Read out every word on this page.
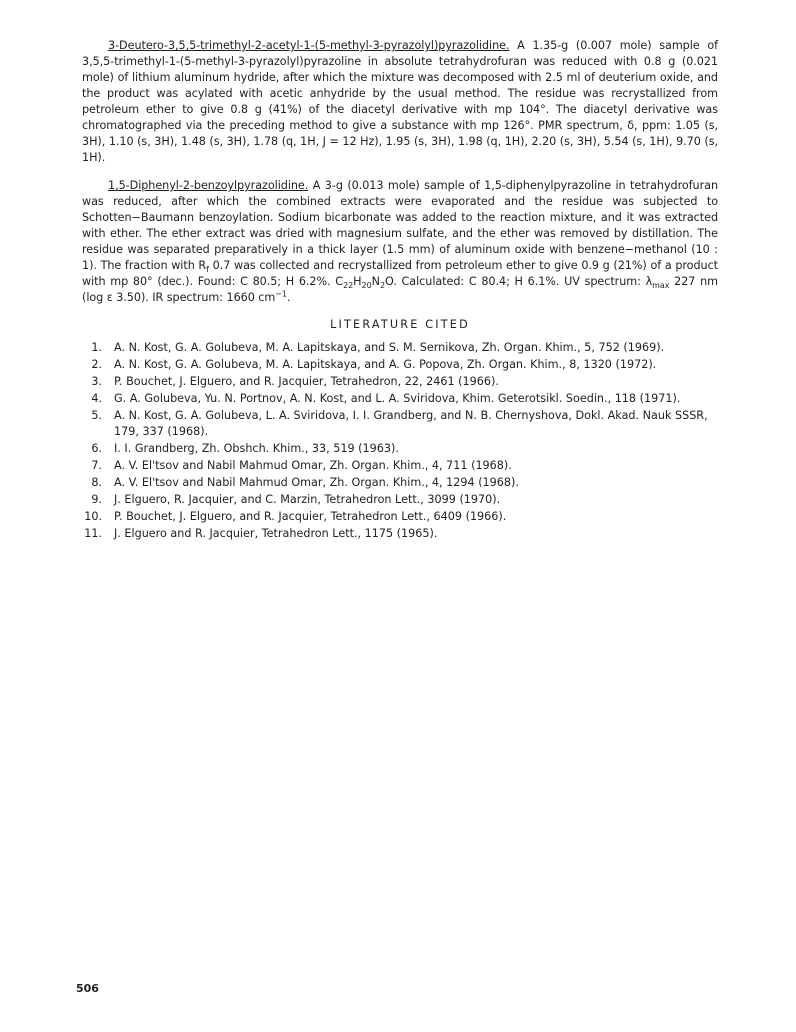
3-Deutero-3,5,5-trimethyl-2-acetyl-1-(5-methyl-3-pyrazolyl)pyrazolidine. A 1.35-g (0.007 mole) sample of 3,5,5-trimethyl-1-(5-methyl-3-pyrazolyl)pyrazoline in absolute tetrahydrofuran was reduced with 0.8 g (0.021 mole) of lithium aluminum hydride, after which the mixture was decomposed with 2.5 ml of deuterium oxide, and the product was acylated with acetic anhydride by the usual method. The residue was recrystallized from petroleum ether to give 0.8 g (41%) of the diacetyl derivative with mp 104°. The diacetyl derivative was chromatographed via the preceding method to give a substance with mp 126°. PMR spectrum, δ, ppm: 1.05 (s, 3H), 1.10 (s, 3H), 1.48 (s, 3H), 1.78 (q, 1H, J = 12 Hz), 1.95 (s, 3H), 1.98 (q, 1H), 2.20 (s, 3H), 5.54 (s, 1H), 9.70 (s, 1H).

1,5-Diphenyl-2-benzoylpyrazolidine. A 3-g (0.013 mole) sample of 1,5-diphenylpyrazoline in tetrahydrofuran was reduced, after which the combined extracts were evaporated and the residue was subjected to Schotten−Baumann benzoylation. Sodium bicarbonate was added to the reaction mixture, and it was extracted with ether. The ether extract was dried with magnesium sulfate, and the ether was removed by distillation. The residue was separated preparatively in a thick layer (1.5 mm) of aluminum oxide with benzene−methanol (10 : 1). The fraction with $R_f$ 0.7 was collected and recrystallized from petroleum ether to give 0.9 g (21%) of a product with mp 80° (dec.). Found: C 80.5; H 6.2%. $C_{22}H_{20}N_2O$. Calculated: C 80.4; H 6.1%. UV spectrum: $\lambda_{max}$ 227 nm (log ε 3.50). IR spectrum: 1660 $cm^{-1}$.

LITERATURE CITED
1. A. N. Kost, G. A. Golubeva, M. A. Lapitskaya, and S. M. Sernikova, Zh. Organ. Khim., 5, 752 (1969).
2. A. N. Kost, G. A. Golubeva, M. A. Lapitskaya, and A. G. Popova, Zh. Organ. Khim., 8, 1320 (1972).
3. P. Bouchet, J. Elguero, and R. Jacquier, Tetrahedron, 22, 2461 (1966).
4. G. A. Golubeva, Yu. N. Portnov, A. N. Kost, and L. A. Sviridova, Khim. Geterotsikl. Soedin., 118 (1971).
5. A. N. Kost, G. A. Golubeva, L. A. Sviridova, I. I. Grandberg, and N. B. Chernyshova, Dokl. Akad. Nauk SSSR, 179, 337 (1968).
6. I. I. Grandberg, Zh. Obshch. Khim., 33, 519 (1963).
7. A. V. El'tsov and Nabil Mahmud Omar, Zh. Organ. Khim., 4, 711 (1968).
8. A. V. El'tsov and Nabil Mahmud Omar, Zh. Organ. Khim., 4, 1294 (1968).
9. J. Elguero, R. Jacquier, and C. Marzin, Tetrahedron Lett., 3099 (1970).
10. P. Bouchet, J. Elguero, and R. Jacquier, Tetrahedron Lett., 6409 (1966).
11. J. Elguero and R. Jacquier, Tetrahedron Lett., 1175 (1965).
506
